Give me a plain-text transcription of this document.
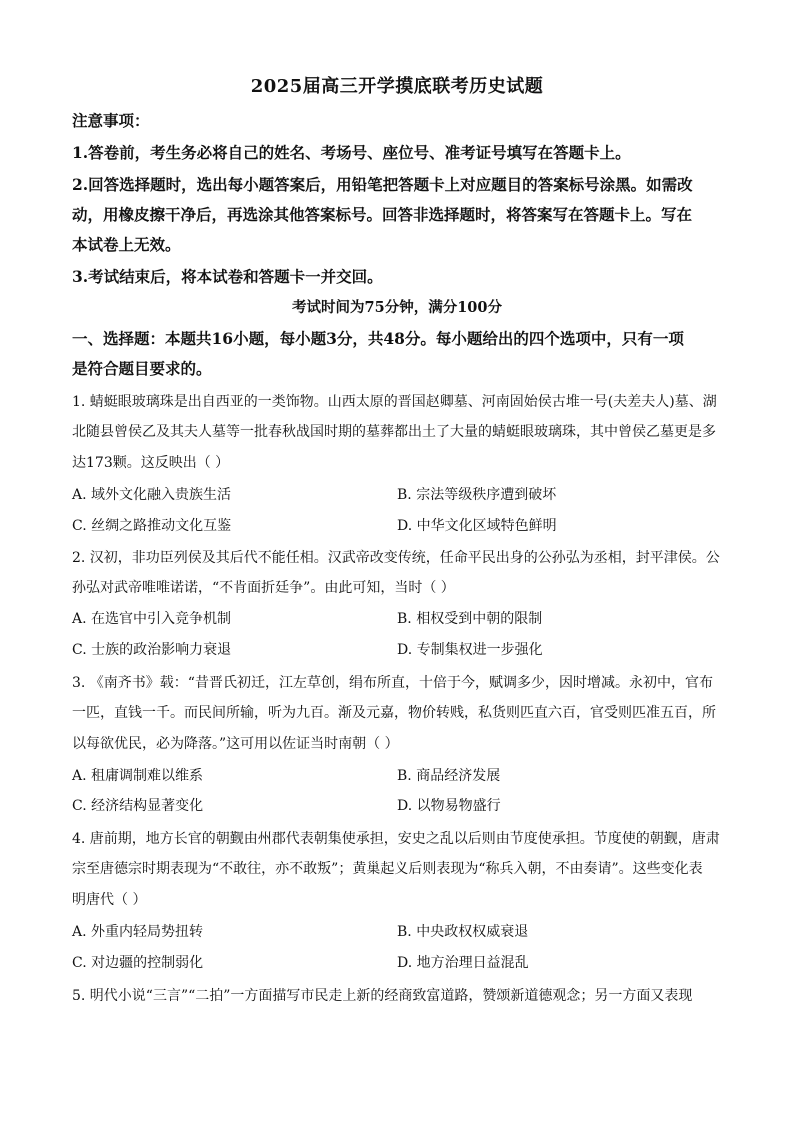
2025届高三开学摸底联考历史试题
注意事项：
1.答卷前，考生务必将自己的姓名、考场号、座位号、准考证号填写在答题卡上。
2.回答选择题时，选出每小题答案后，用铅笔把答题卡上对应题目的答案标号涂黑。如需改
动，用橡皮擦干净后，再选涂其他答案标号。回答非选择题时，将答案写在答题卡上。写在
本试卷上无效。
3.考试结束后，将本试卷和答题卡一并交回。
考试时间为75分钟，满分100分
一、选择题：本题共16小题，每小题3分，共48分。每小题给出的四个选项中，只有一项
是符合题目要求的。
1. 蜻蜓眼玻璃珠是出自西亚的一类饰物。山西太原的晋国赵卿墓、河南固始侯古堆一号(夫差夫人)墓、湖
北随县曾侯乙及其夫人墓等一批春秋战国时期的墓葬都出土了大量的蜻蜓眼玻璃珠，其中曾侯乙墓更是多
达173颗。这反映出（ ）
A. 域外文化融入贵族生活	B. 宗法等级秩序遭到破坏
C. 丝绸之路推动文化互鉴	D. 中华文化区域特色鲜明
2. 汉初，非功臣列侯及其后代不能任相。汉武帝改变传统，任命平民出身的公孙弘为丞相，封平津侯。公
孙弘对武帝唯唯诺诺，“不肯面折廷争”。由此可知，当时（ ）
A. 在选官中引入竞争机制	B. 相权受到中朝的限制
C. 士族的政治影响力衰退	D. 专制集权进一步强化
3. 《南齐书》载：“昔晋氏初迁，江左草创，绢布所直，十倍于今，赋调多少，因时增减。永初中，官布
一匹，直钱一千。而民间所输，听为九百。渐及元嘉，物价转贱，私货则匹直六百，官受则匹准五百，所
以每欲优民，必为降落。”这可用以佐证当时南朝（ ）
A. 租庸调制难以维系	B. 商品经济发展
C. 经济结构显著变化	D. 以物易物盛行
4. 唐前期，地方长官的朝觐由州郡代表朝集使承担，安史之乱以后则由节度使承担。节度使的朝觐，唐肃
宗至唐德宗时期表现为“不敢往，亦不敢叛”；黄巢起义后则表现为“称兵入朝，不由奏请”。这些变化表
明唐代（ ）
A. 外重内轻局势扭转	B. 中央政权权威衰退
C. 对边疆的控制弱化	D. 地方治理日益混乱
5. 明代小说“三言”“二拍”一方面描写市民走上新的经商致富道路，赞颂新道德观念；另一方面又表现
